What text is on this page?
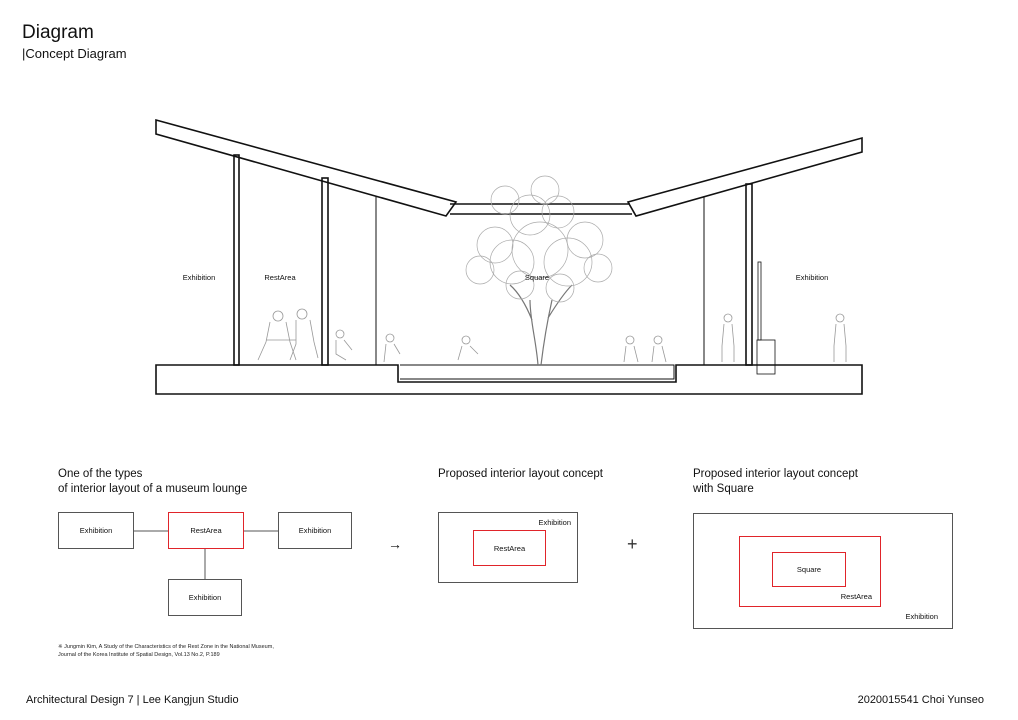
Diagram
|Concept Diagram
Exhibition	RestArea	Square	Exhibition
One of the types
of interior layout of a museum lounge
Exhibition	RestArea	Exhibition
Exhibition
→
Proposed interior layout concept
Exhibition
RestArea	+
Proposed interior layout concept
with Square
Exhibition
RestArea
Square
※ Jungmin Kim, A Study of the Characteristics of the Rest Zone in the National Museum,
Journal of the Korea Institute of Spatial Design, Vol.13 No.2, P.189
Architectural Design 7 | Lee Kangjun Studio	2020015541 Choi Yunseo
